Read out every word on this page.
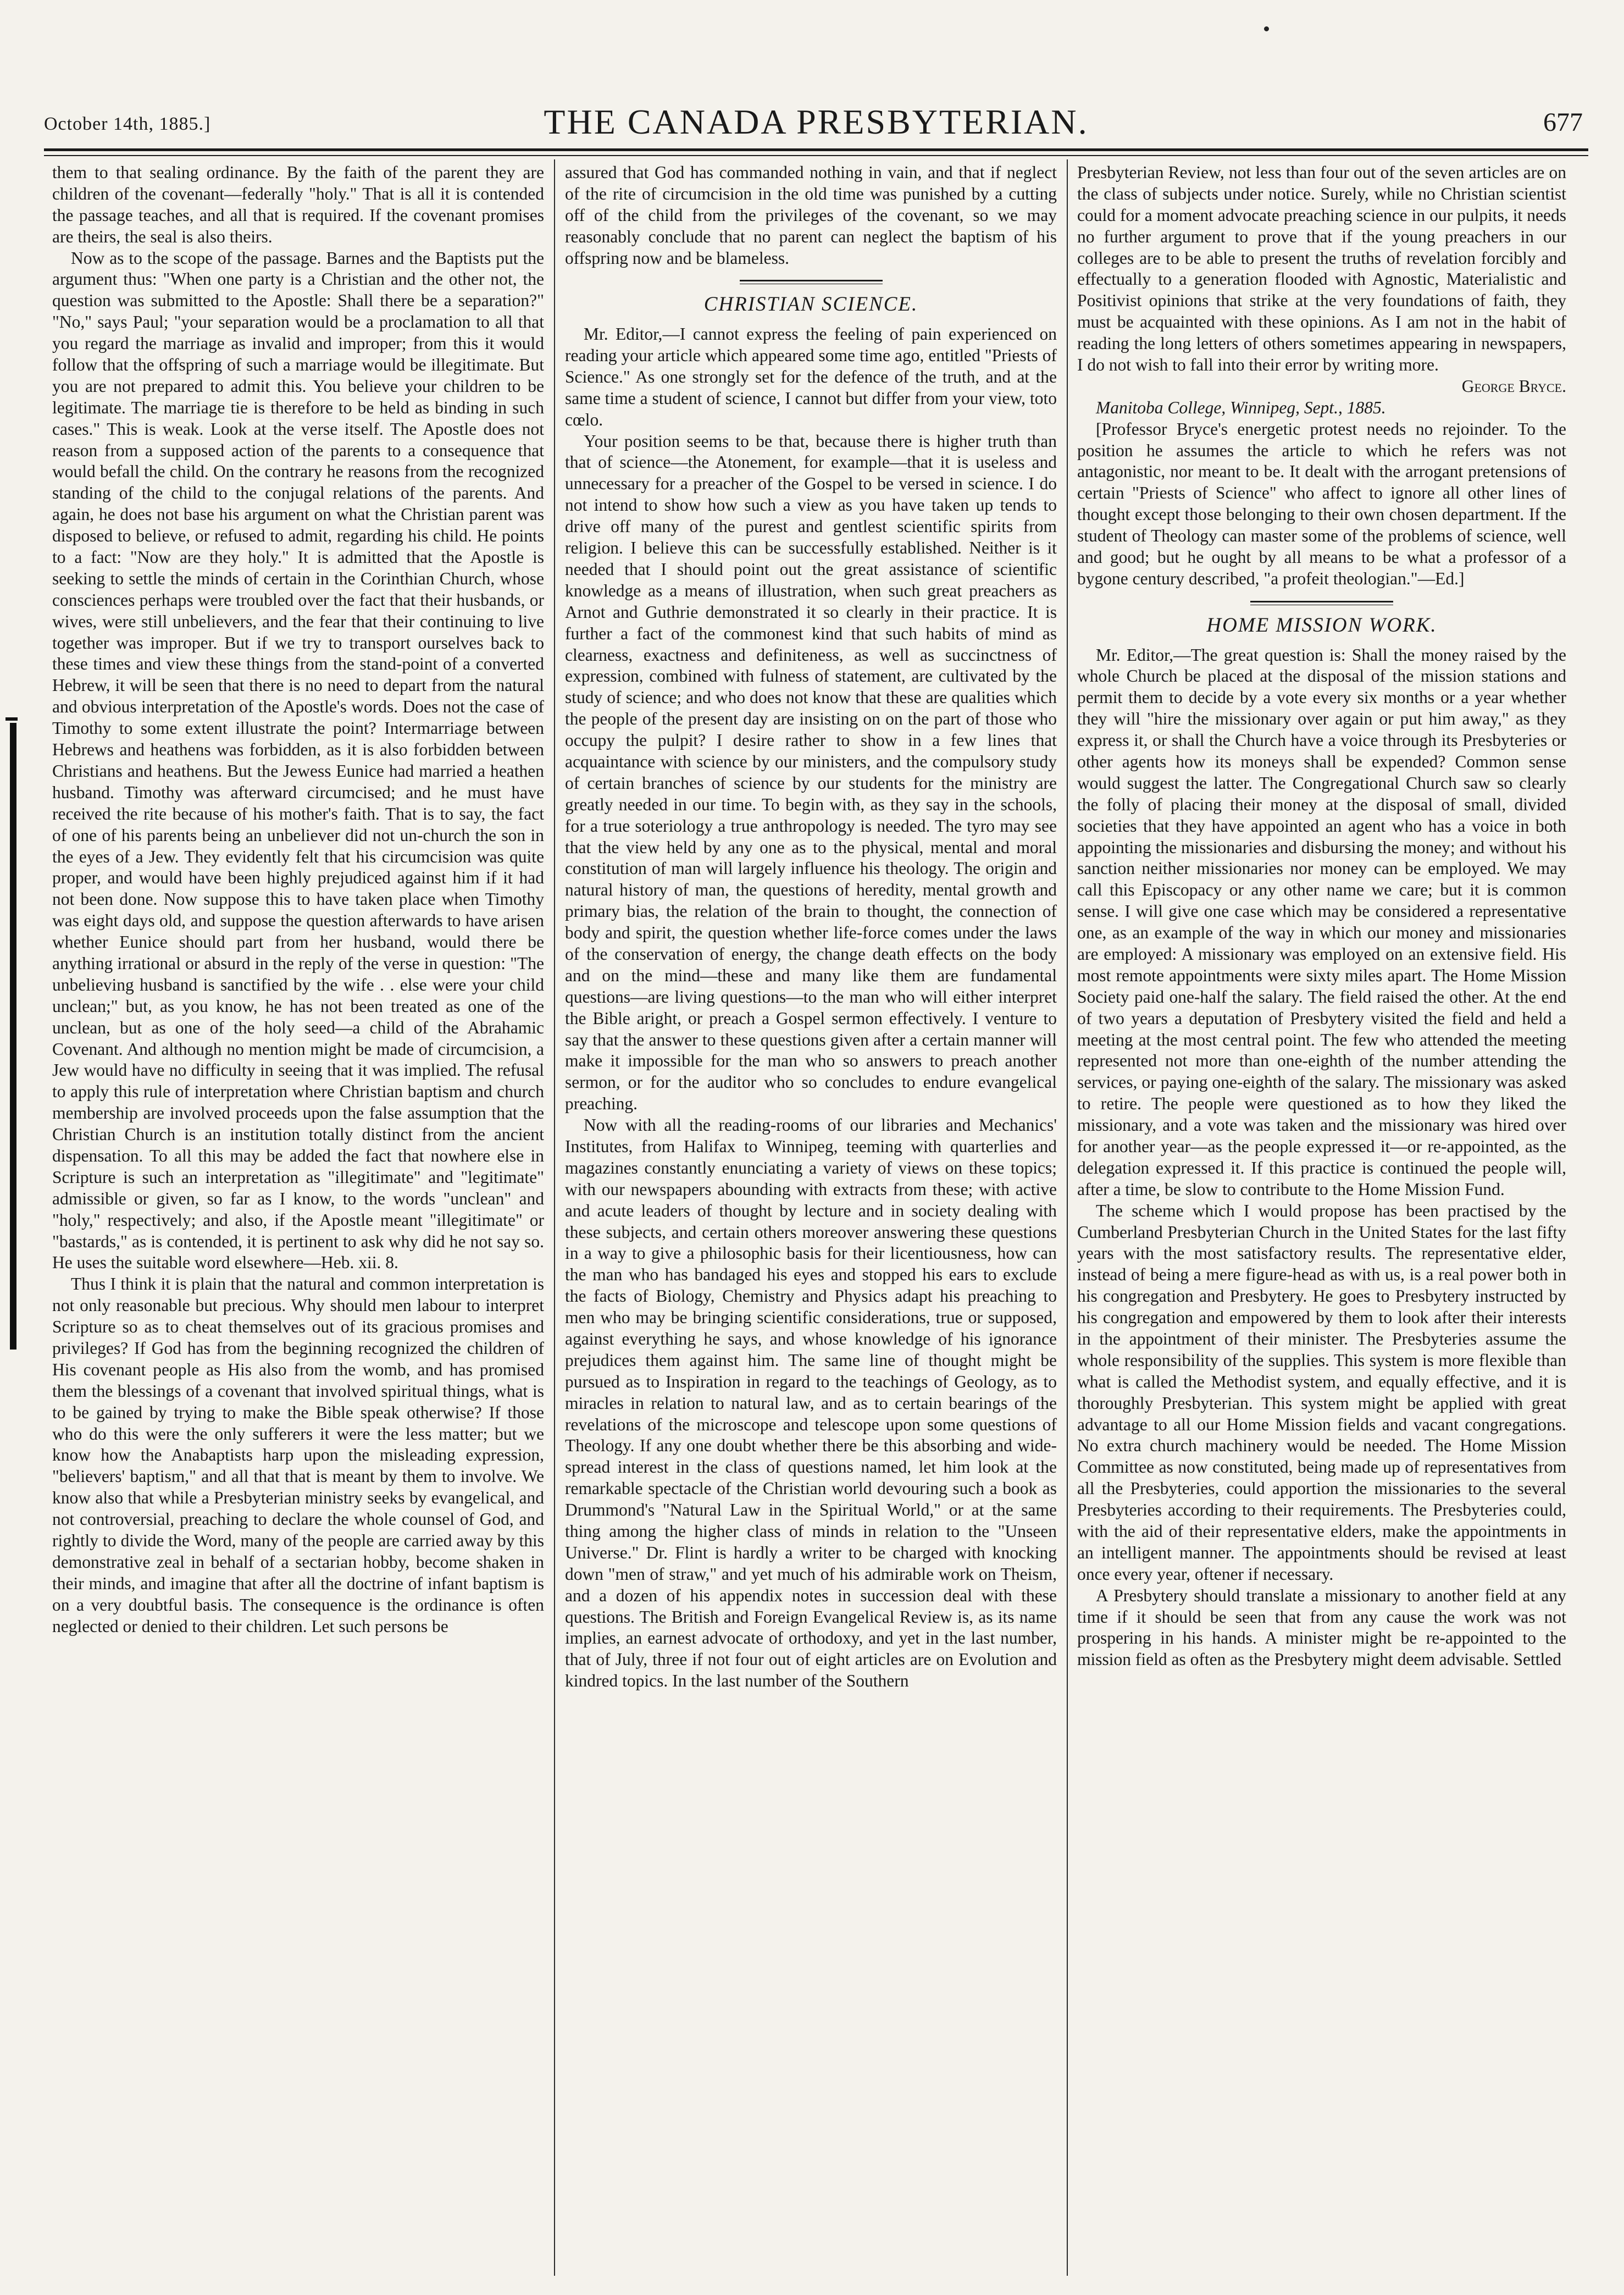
October 14th, 1885.]	THE CANADA PRESBYTERIAN.	677

them to that sealing ordinance. By the faith of the parent they are children of the covenant—federally "holy." That is all it is contended the passage teaches, and all that is required. If the covenant promises are theirs, the seal is also theirs.

Now as to the scope of the passage. Barnes and the Baptists put the argument thus: "When one party is a Christian and the other not, the question was submitted to the Apostle: Shall there be a separation?" "No," says Paul; "your separation would be a proclamation to all that you regard the marriage as invalid and improper; from this it would follow that the offspring of such a marriage would be illegitimate. But you are not prepared to admit this. You believe your children to be legitimate. The marriage tie is therefore to be held as binding in such cases." This is weak. Look at the verse itself. The Apostle does not reason from a supposed action of the parents to a consequence that would befall the child. On the contrary he reasons from the recognized standing of the child to the conjugal relations of the parents. And again, he does not base his argument on what the Christian parent was disposed to believe, or refused to admit, regarding his child. He points to a fact: "Now are they holy." It is admitted that the Apostle is seeking to settle the minds of certain in the Corinthian Church, whose consciences perhaps were troubled over the fact that their husbands, or wives, were still unbelievers, and the fear that their continuing to live together was improper. But if we try to transport ourselves back to these times and view these things from the stand-point of a converted Hebrew, it will be seen that there is no need to depart from the natural and obvious interpretation of the Apostle's words. Does not the case of Timothy to some extent illustrate the point? Intermarriage between Hebrews and heathens was forbidden, as it is also forbidden between Christians and heathens. But the Jewess Eunice had married a heathen husband. Timothy was afterward circumcised; and he must have received the rite because of his mother's faith. That is to say, the fact of one of his parents being an unbeliever did not un-church the son in the eyes of a Jew. They evidently felt that his circumcision was quite proper, and would have been highly prejudiced against him if it had not been done. Now suppose this to have taken place when Timothy was eight days old, and suppose the question afterwards to have arisen whether Eunice should part from her husband, would there be anything irrational or absurd in the reply of the verse in question: "The unbelieving husband is sanctified by the wife . . else were your child unclean;" but, as you know, he has not been treated as one of the unclean, but as one of the holy seed—a child of the Abrahamic Covenant. And although no mention might be made of circumcision, a Jew would have no difficulty in seeing that it was implied. The refusal to apply this rule of interpretation where Christian baptism and church membership are involved proceeds upon the false assumption that the Christian Church is an institution totally distinct from the ancient dispensation. To all this may be added the fact that nowhere else in Scripture is such an interpretation as "illegitimate" and "legitimate" admissible or given, so far as I know, to the words "unclean" and "holy," respectively; and also, if the Apostle meant "illegitimate" or "bastards," as is contended, it is pertinent to ask why did he not say so. He uses the suitable word elsewhere—Heb. xii. 8.

Thus I think it is plain that the natural and common interpretation is not only reasonable but precious. Why should men labour to interpret Scripture so as to cheat themselves out of its gracious promises and privileges? If God has from the beginning recognized the children of His covenant people as His also from the womb, and has promised them the blessings of a covenant that involved spiritual things, what is to be gained by trying to make the Bible speak otherwise? If those who do this were the only sufferers it were the less matter; but we know how the Anabaptists harp upon the misleading expression, "believers' baptism," and all that that is meant by them to involve. We know also that while a Presbyterian ministry seeks by evangelical, and not controversial, preaching to declare the whole counsel of God, and rightly to divide the Word, many of the people are carried away by this demonstrative zeal in behalf of a sectarian hobby, become shaken in their minds, and imagine that after all the doctrine of infant baptism is on a very doubtful basis. The consequence is the ordinance is often neglected or denied to their children. Let such persons be

assured that God has commanded nothing in vain, and that if neglect of the rite of circumcision in the old time was punished by a cutting off of the child from the privileges of the covenant, so we may reasonably conclude that no parent can neglect the baptism of his offspring now and be blameless.

CHRISTIAN SCIENCE.

Mr. Editor,—I cannot express the feeling of pain experienced on reading your article which appeared some time ago, entitled "Priests of Science." As one strongly set for the defence of the truth, and at the same time a student of science, I cannot but differ from your view, toto cœlo.

Your position seems to be that, because there is higher truth than that of science—the Atonement, for example—that it is useless and unnecessary for a preacher of the Gospel to be versed in science. I do not intend to show how such a view as you have taken up tends to drive off many of the purest and gentlest scientific spirits from religion. I believe this can be successfully established. Neither is it needed that I should point out the great assistance of scientific knowledge as a means of illustration, when such great preachers as Arnot and Guthrie demonstrated it so clearly in their practice. It is further a fact of the commonest kind that such habits of mind as clearness, exactness and definiteness, as well as succinctness of expression, combined with fulness of statement, are cultivated by the study of science; and who does not know that these are qualities which the people of the present day are insisting on on the part of those who occupy the pulpit? I desire rather to show in a few lines that acquaintance with science by our ministers, and the compulsory study of certain branches of science by our students for the ministry are greatly needed in our time. To begin with, as they say in the schools, for a true soteriology a true anthropology is needed. The tyro may see that the view held by any one as to the physical, mental and moral constitution of man will largely influence his theology. The origin and natural history of man, the questions of heredity, mental growth and primary bias, the relation of the brain to thought, the connection of body and spirit, the question whether life-force comes under the laws of the conservation of energy, the change death effects on the body and on the mind—these and many like them are fundamental questions—are living questions—to the man who will either interpret the Bible aright, or preach a Gospel sermon effectively. I venture to say that the answer to these questions given after a certain manner will make it impossible for the man who so answers to preach another sermon, or for the auditor who so concludes to endure evangelical preaching.

Now with all the reading-rooms of our libraries and Mechanics' Institutes, from Halifax to Winnipeg, teeming with quarterlies and magazines constantly enunciating a variety of views on these topics; with our newspapers abounding with extracts from these; with active and acute leaders of thought by lecture and in society dealing with these subjects, and certain others moreover answering these questions in a way to give a philosophic basis for their licentiousness, how can the man who has bandaged his eyes and stopped his ears to exclude the facts of Biology, Chemistry and Physics adapt his preaching to men who may be bringing scientific considerations, true or supposed, against everything he says, and whose knowledge of his ignorance prejudices them against him. The same line of thought might be pursued as to Inspiration in regard to the teachings of Geology, as to miracles in relation to natural law, and as to certain bearings of the revelations of the microscope and telescope upon some questions of Theology. If any one doubt whether there be this absorbing and wide-spread interest in the class of questions named, let him look at the remarkable spectacle of the Christian world devouring such a book as Drummond's "Natural Law in the Spiritual World," or at the same thing among the higher class of minds in relation to the "Unseen Universe." Dr. Flint is hardly a writer to be charged with knocking down "men of straw," and yet much of his admirable work on Theism, and a dozen of his appendix notes in succession deal with these questions. The British and Foreign Evangelical Review is, as its name implies, an earnest advocate of orthodoxy, and yet in the last number, that of July, three if not four out of eight articles are on Evolution and kindred topics. In the last number of the Southern

Presbyterian Review, not less than four out of the seven articles are on the class of subjects under notice. Surely, while no Christian scientist could for a moment advocate preaching science in our pulpits, it needs no further argument to prove that if the young preachers in our colleges are to be able to present the truths of revelation forcibly and effectually to a generation flooded with Agnostic, Materialistic and Positivist opinions that strike at the very foundations of faith, they must be acquainted with these opinions. As I am not in the habit of reading the long letters of others sometimes appearing in newspapers, I do not wish to fall into their error by writing more.

George Bryce.

Manitoba College, Winnipeg, Sept., 1885.

[Professor Bryce's energetic protest needs no rejoinder. To the position he assumes the article to which he refers was not antagonistic, nor meant to be. It dealt with the arrogant pretensions of certain "Priests of Science" who affect to ignore all other lines of thought except those belonging to their own chosen department. If the student of Theology can master some of the problems of science, well and good; but he ought by all means to be what a professor of a bygone century described, "a profeit theologian."—Ed.]

HOME MISSION WORK.

Mr. Editor,—The great question is: Shall the money raised by the whole Church be placed at the disposal of the mission stations and permit them to decide by a vote every six months or a year whether they will "hire the missionary over again or put him away," as they express it, or shall the Church have a voice through its Presbyteries or other agents how its moneys shall be expended? Common sense would suggest the latter. The Congregational Church saw so clearly the folly of placing their money at the disposal of small, divided societies that they have appointed an agent who has a voice in both appointing the missionaries and disbursing the money; and without his sanction neither missionaries nor money can be employed. We may call this Episcopacy or any other name we care; but it is common sense. I will give one case which may be considered a representative one, as an example of the way in which our money and missionaries are employed: A missionary was employed on an extensive field. His most remote appointments were sixty miles apart. The Home Mission Society paid one-half the salary. The field raised the other. At the end of two years a deputation of Presbytery visited the field and held a meeting at the most central point. The few who attended the meeting represented not more than one-eighth of the number attending the services, or paying one-eighth of the salary. The missionary was asked to retire. The people were questioned as to how they liked the missionary, and a vote was taken and the missionary was hired over for another year—as the people expressed it—or re-appointed, as the delegation expressed it. If this practice is continued the people will, after a time, be slow to contribute to the Home Mission Fund.

The scheme which I would propose has been practised by the Cumberland Presbyterian Church in the United States for the last fifty years with the most satisfactory results. The representative elder, instead of being a mere figure-head as with us, is a real power both in his congregation and Presbytery. He goes to Presbytery instructed by his congregation and empowered by them to look after their interests in the appointment of their minister. The Presbyteries assume the whole responsibility of the supplies. This system is more flexible than what is called the Methodist system, and equally effective, and it is thoroughly Presbyterian. This system might be applied with great advantage to all our Home Mission fields and vacant congregations. No extra church machinery would be needed. The Home Mission Committee as now constituted, being made up of representatives from all the Presbyteries, could apportion the missionaries to the several Presbyteries according to their requirements. The Presbyteries could, with the aid of their representative elders, make the appointments in an intelligent manner. The appointments should be revised at least once every year, oftener if necessary.

A Presbytery should translate a missionary to another field at any time if it should be seen that from any cause the work was not prospering in his hands. A minister might be re-appointed to the mission field as often as the Presbytery might deem advisable. Settled
